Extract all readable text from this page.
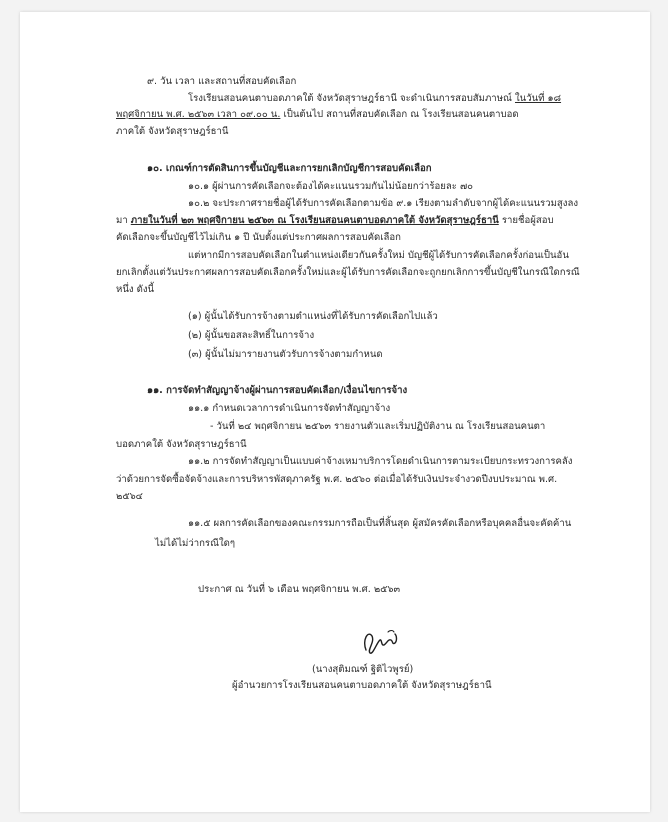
๙. วัน เวลา และสถานที่สอบคัดเลือก
โรงเรียนสอนคนตาบอดภาคใต้ จังหวัดสุราษฎร์ธานี จะดำเนินการสอบสัมภาษณ์ ในวันที่ ๑๘
พฤศจิกายน พ.ศ. ๒๕๖๓ เวลา ๐๙.๐๐ น. เป็นต้นไป สถานที่สอบคัดเลือก ณ โรงเรียนสอนคนตาบอด
ภาคใต้ จังหวัดสุราษฎร์ธานี
๑๐. เกณฑ์การตัดสินการขึ้นบัญชีและการยกเลิกบัญชีการสอบคัดเลือก
๑๐.๑ ผู้ผ่านการคัดเลือกจะต้องได้คะแนนรวมกันไม่น้อยกว่าร้อยละ ๗๐
๑๐.๒ จะประกาศรายชื่อผู้ได้รับการคัดเลือกตามข้อ ๙.๑ เรียงตามลำดับจากผู้ได้คะแนนรวมสูงลง
มา ภายในวันที่ ๒๓ พฤศจิกายน ๒๕๖๓ ณ โรงเรียนสอนคนตาบอดภาคใต้ จังหวัดสุราษฎร์ธานี รายชื่อผู้สอบ
คัดเลือกจะขึ้นบัญชีไว้ไม่เกิน ๑ ปี นับตั้งแต่ประกาศผลการสอบคัดเลือก
แต่หากมีการสอบคัดเลือกในตำแหน่งเดียวกันครั้งใหม่ บัญชีผู้ได้รับการคัดเลือกครั้งก่อนเป็นอัน
ยกเลิกตั้งแต่วันประกาศผลการสอบคัดเลือกครั้งใหม่และผู้ได้รับการคัดเลือกจะถูกยกเลิกการขึ้นบัญชีในกรณีใดกรณี
หนึ่ง ดังนี้
(๑) ผู้นั้นได้รับการจ้างตามตำแหน่งที่ได้รับการคัดเลือกไปแล้ว
(๒) ผู้นั้นขอสละสิทธิ์ในการจ้าง
(๓) ผู้นั้นไม่มารายงานตัวรับการจ้างตามกำหนด
๑๑. การจัดทำสัญญาจ้างผู้ผ่านการสอบคัดเลือก/เงื่อนไขการจ้าง
๑๑.๑ กำหนดเวลาการดำเนินการจัดทำสัญญาจ้าง
- วันที่ ๒๔ พฤศจิกายน ๒๕๖๓ รายงานตัวและเริ่มปฏิบัติงาน ณ โรงเรียนสอนคนตา
บอดภาคใต้ จังหวัดสุราษฎร์ธานี
๑๑.๒ การจัดทำสัญญาเป็นแบบค่าจ้างเหมาบริการโดยดำเนินการตามระเบียบกระทรวงการคลัง
ว่าด้วยการจัดซื้อจัดจ้างและการบริหารพัสดุภาครัฐ พ.ศ. ๒๕๖๐ ต่อเมื่อได้รับเงินประจำงวดปีงบประมาณ พ.ศ.
๒๕๖๔
๑๑.๕ ผลการคัดเลือกของคณะกรรมการถือเป็นที่สิ้นสุด ผู้สมัครคัดเลือกหรือบุคคลอื่นจะคัดค้าน
ไม่ได้ไม่ว่ากรณีใดๆ
ประกาศ ณ วันที่ ๖ เดือน พฤศจิกายน พ.ศ. ๒๕๖๓
(นางสุติมณฑ์ ฐิติไวพูรย์)
ผู้อำนวยการโรงเรียนสอนคนตาบอดภาคใต้ จังหวัดสุราษฎร์ธานี
